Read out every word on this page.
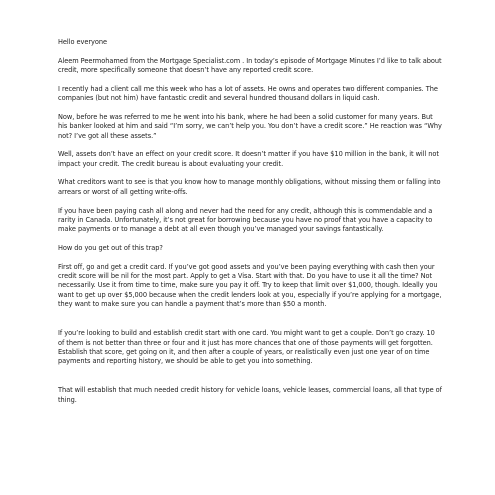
Hello everyone

Aleem Peermohamed from the Mortgage Specialist.com . In today’s episode of Mortgage Minutes I’d like to talk about credit, more specifically someone that doesn’t have any reported credit score.

I recently had a client call me this week who has a lot of assets. He owns and operates two different companies. The companies (but not him) have fantastic credit and several hundred thousand dollars in liquid cash.

Now, before he was referred to me he went into his bank, where he had been a solid customer for many years. But his banker looked at him and said “I’m sorry, we can’t help you. You don’t have a credit score.” He reaction was “Why not? I’ve got all these assets.”

Well, assets don’t have an effect on your credit score. It doesn’t matter if you have $10 million in the bank, it will not impact your credit. The credit bureau is about evaluating your credit.

What creditors want to see is that you know how to manage monthly obligations, without missing them or falling into arrears or worst of all getting write-offs.

If you have been paying cash all along and never had the need for any credit, although this is commendable and a rarity in Canada. Unfortunately, it’s not great for borrowing because you have no proof that you have a capacity to make payments or to manage a debt at all even though you’ve managed your savings fantastically.

How do you get out of this trap?

First off, go and get a credit card. If you’ve got good assets and you’ve been paying everything with cash then your credit score will be nil for the most part. Apply to get a Visa. Start with that. Do you have to use it all the time? Not necessarily. Use it from time to time, make sure you pay it off. Try to keep that limit over $1,000, though. Ideally you want to get up over $5,000 because when the credit lenders look at you, especially if you’re applying for a mortgage, they want to make sure you can handle a payment that’s more than $50 a month.

If you’re looking to build and establish credit start with one card. You might want to get a couple. Don’t go crazy. 10 of them is not better than three or four and it just has more chances that one of those payments will get forgotten. Establish that score, get going on it, and then after a couple of years, or realistically even just one year of on time payments and reporting history, we should be able to get you into something.

That will establish that much needed credit history for vehicle loans, vehicle leases, commercial loans, all that type of thing.
